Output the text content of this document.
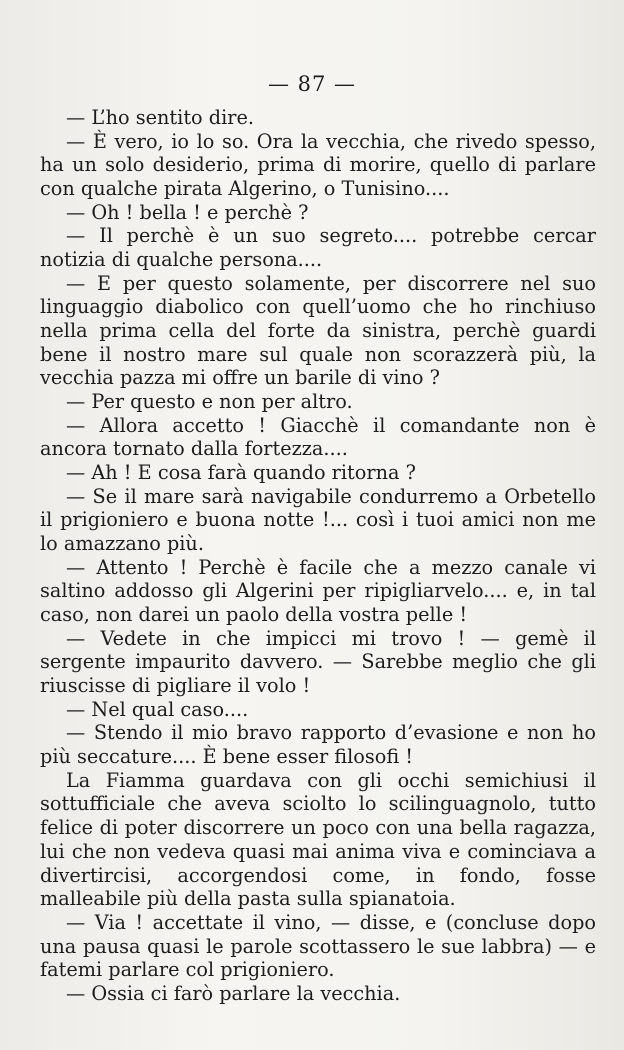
— 87 —

— L’ho sentito dire.

— È vero, io lo so. Ora la vecchia, che rivedo spesso, ha un solo desiderio, prima di morire, quello di parlare con qualche pirata Algerino, o Tunisino....

— Oh ! bella ! e perchè ?

— Il perchè è un suo segreto.... potrebbe cercar notizia di qualche persona....

— E per questo solamente, per discorrere nel suo linguaggio diabolico con quell’uomo che ho rinchiuso nella prima cella del forte da sinistra, perchè guardi bene il nostro mare sul quale non scorazzerà più, la vecchia pazza mi offre un barile di vino ?

— Per questo e non per altro.

— Allora accetto ! Giacchè il comandante non è ancora tornato dalla fortezza....

— Ah ! E cosa farà quando ritorna ?

— Se il mare sarà navigabile condurremo a Orbetello il prigioniero e buona notte !... così i tuoi amici non me lo amazzano più.

— Attento ! Perchè è facile che a mezzo canale vi saltino addosso gli Algerini per ripigliarvelo.... e, in tal caso, non darei un paolo della vostra pelle !

— Vedete in che impicci mi trovo ! — gemè il sergente impaurito davvero. — Sarebbe meglio che gli riuscisse di pigliare il volo !

— Nel qual caso....

— Stendo il mio bravo rapporto d’evasione e non ho più seccature.... È bene esser filosofi !

La Fiamma guardava con gli occhi semichiusi il sottufficiale che aveva sciolto lo scilinguagnolo, tutto felice di poter discorrere un poco con una bella ragazza, lui che non vedeva quasi mai anima viva e cominciava a divertircisi, accorgendosi come, in fondo, fosse malleabile più della pasta sulla spianatoia.

— Via ! accettate il vino, — disse, e (concluse dopo una pausa quasi le parole scottassero le sue labbra) — e fatemi parlare col prigioniero.

— Ossia ci farò parlare la vecchia.
